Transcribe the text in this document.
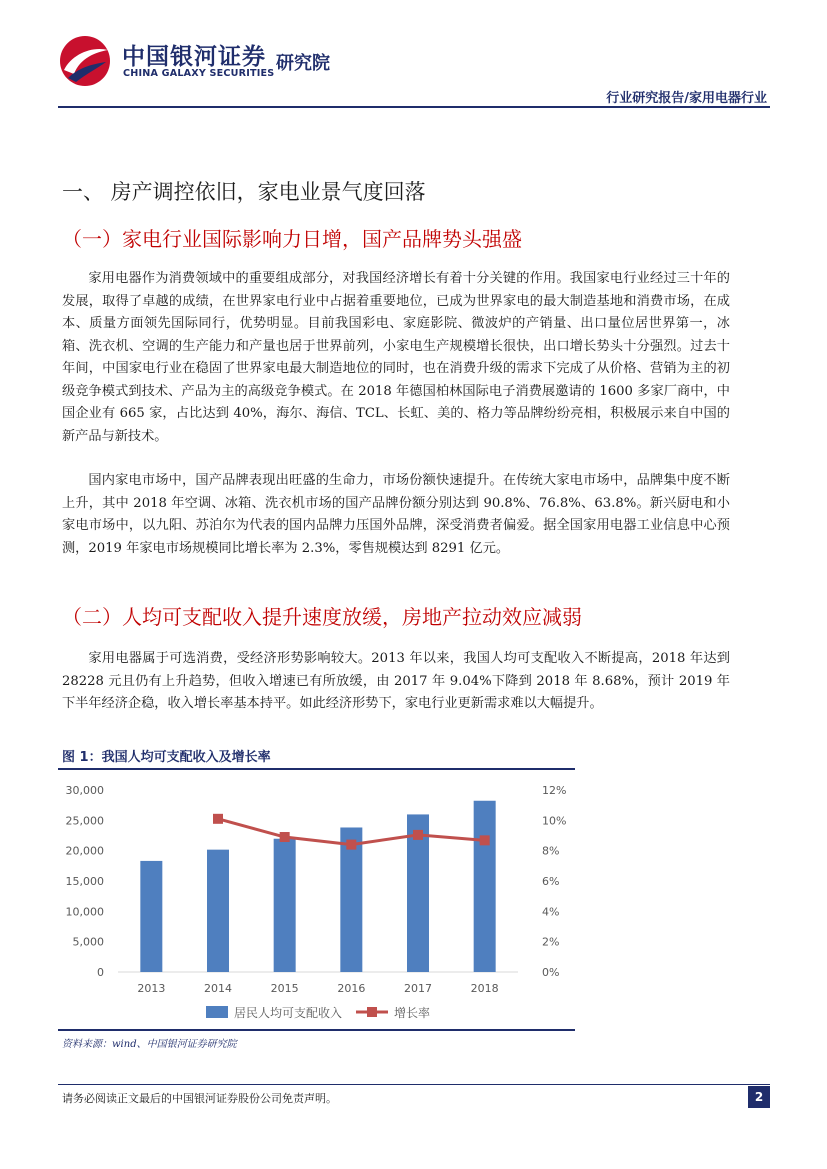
中国银河证券
CHINA GALAXY SECURITIES 研究院
行业研究报告/家用电器行业
一、 房产调控依旧，家电业景气度回落
（一）家电行业国际影响力日增，国产品牌势头强盛
家用电器作为消费领域中的重要组成部分，对我国经济增长有着十分关键的作用。我国家电行业经过三十年的发展，取得了卓越的成绩，在世界家电行业中占据着重要地位，已成为世界家电的最大制造基地和消费市场，在成本、质量方面领先国际同行，优势明显。目前我国彩电、家庭影院、微波炉的产销量、出口量位居世界第一，冰箱、洗衣机、空调的生产能力和产量也居于世界前列，小家电生产规模增长很快，出口增长势头十分强烈。过去十年间，中国家电行业在稳固了世界家电最大制造地位的同时，也在消费升级的需求下完成了从价格、营销为主的初级竞争模式到技术、产品为主的高级竞争模式。在 2018 年德国柏林国际电子消费展邀请的 1600 多家厂商中，中国企业有 665 家，占比达到 40%，海尔、海信、TCL、长虹、美的、格力等品牌纷纷亮相，积极展示来自中国的新产品与新技术。
国内家电市场中，国产品牌表现出旺盛的生命力，市场份额快速提升。在传统大家电市场中，品牌集中度不断上升，其中 2018 年空调、冰箱、洗衣机市场的国产品牌份额分别达到 90.8%、76.8%、63.8%。新兴厨电和小家电市场中，以九阳、苏泊尔为代表的国内品牌力压国外品牌，深受消费者偏爱。据全国家用电器工业信息中心预测，2019 年家电市场规模同比增长率为 2.3%，零售规模达到 8291 亿元。
（二）人均可支配收入提升速度放缓，房地产拉动效应减弱
家用电器属于可选消费，受经济形势影响较大。2013 年以来，我国人均可支配收入不断提高，2018 年达到 28228 元且仍有上升趋势，但收入增速已有所放缓，由 2017 年 9.04%下降到 2018 年 8.68%，预计 2019 年下半年经济企稳，收入增长率基本持平。如此经济形势下，家电行业更新需求难以大幅提升。
图 1：我国人均可支配收入及增长率
0
5,000
10,000
15,000
20,000
25,000
30,000
0%
2%
4%
6%
8%
10%
12%
2013	2014	2015	2016	2017	2018
居民人均可支配收入	增长率
资料来源：wind、中国银河证券研究院
请务必阅读正文最后的中国银河证券股份公司免责声明。	2
